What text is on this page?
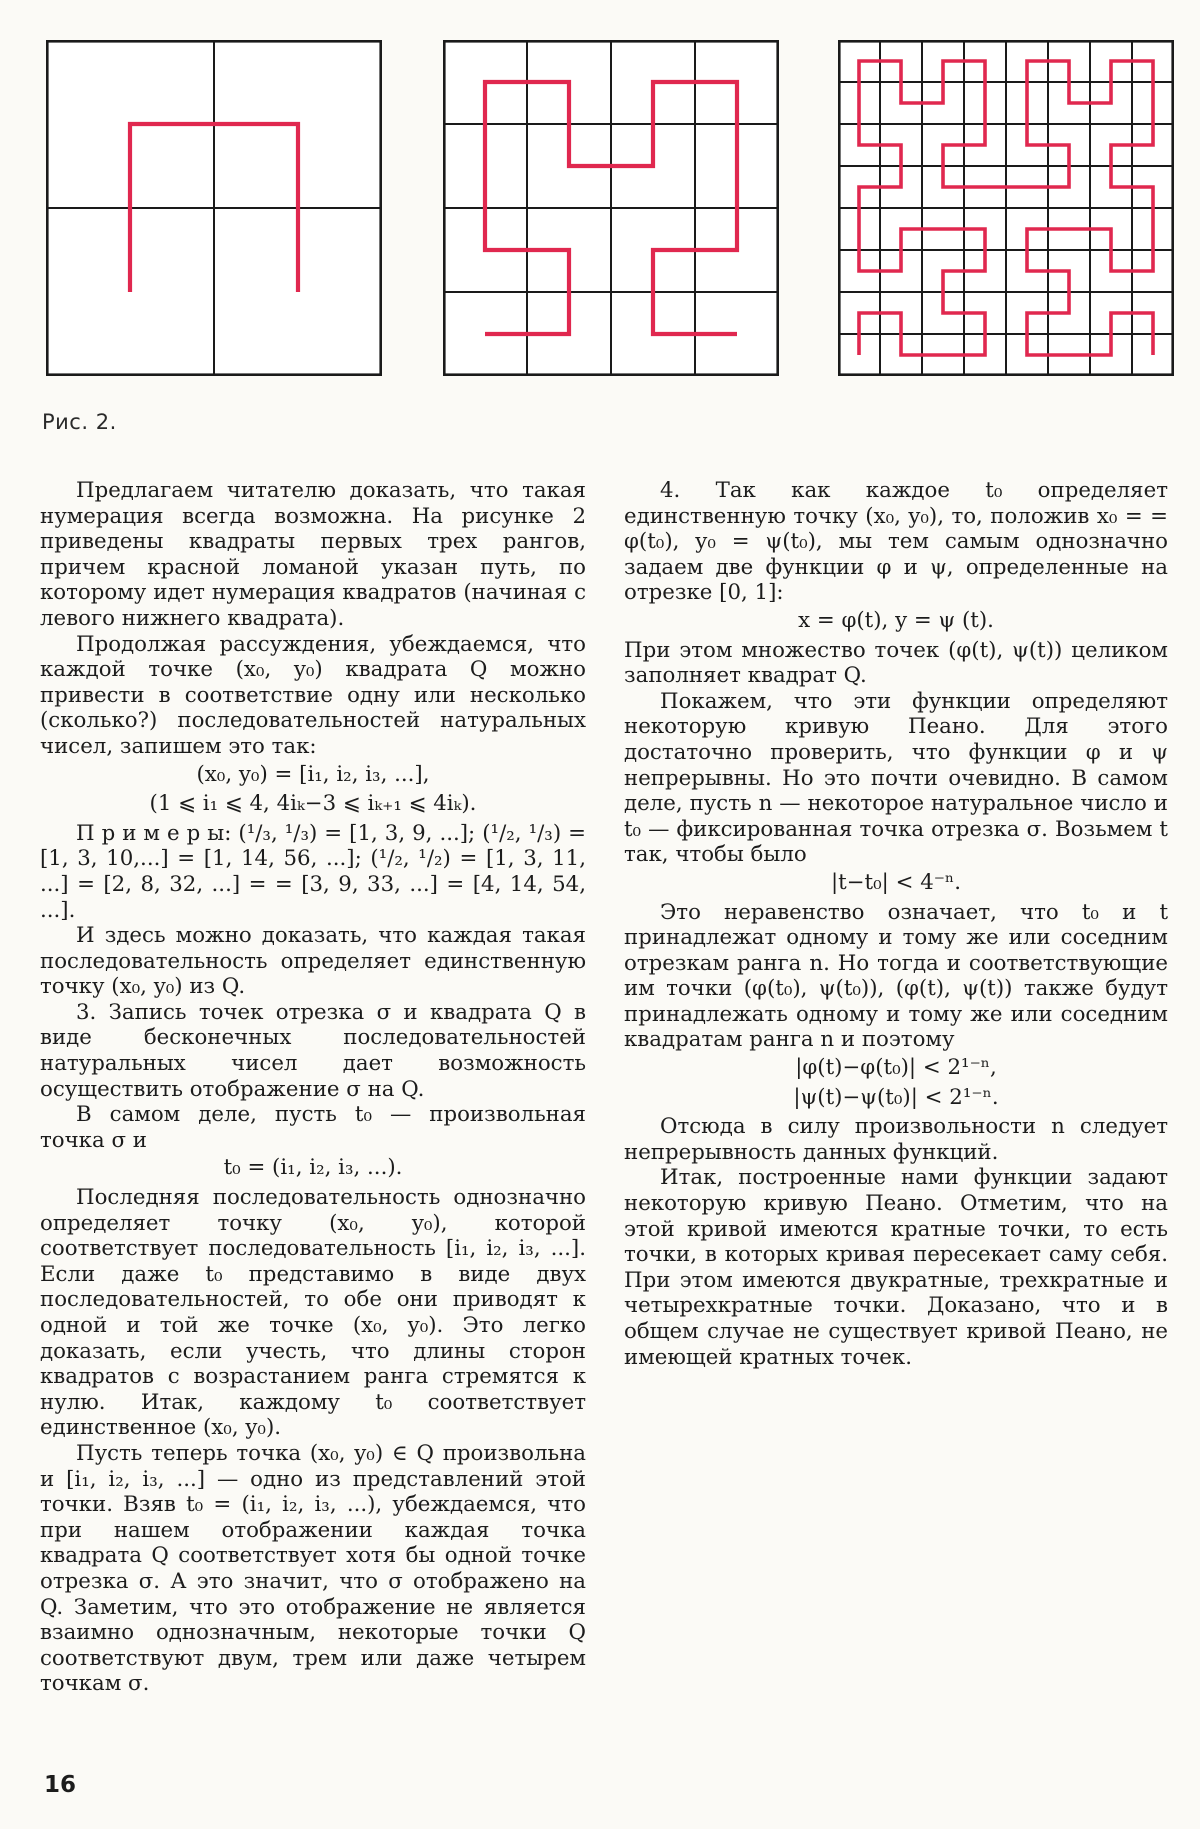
Рис. 2.

Предлагаем читателю доказать, что такая нумерация всегда возможна. На рисунке 2 приведены квадраты первых трех рангов, причем красной ломаной указан путь, по которому идет нумерация квадратов (начиная с левого нижнего квадрата).

Продолжая рассуждения, убеждаемся, что каждой точке (x₀, y₀) квадрата Q можно привести в соответствие одну или несколько (сколько?) последовательностей натуральных чисел, запишем это так:

(x₀, y₀) = [i₁, i₂, i₃, ...],

(1 ⩽ i₁ ⩽ 4, 4iₖ−3 ⩽ iₖ₊₁ ⩽ 4iₖ).

П р и м е р ы: (¹/₃, ¹/₃) = [1, 3, 9, ...]; (¹/₂, ¹/₃) = [1, 3, 10,...] = [1, 14, 56, ...]; (¹/₂, ¹/₂) = [1, 3, 11, ...] = [2, 8, 32, ...] = = [3, 9, 33, ...] = [4, 14, 54, ...].

И здесь можно доказать, что каждая такая последовательность определяет единственную точку (x₀, y₀) из Q.

3. Запись точек отрезка σ и квадрата Q в виде бесконечных последовательностей натуральных чисел дает возможность осуществить отображение σ на Q.

В самом деле, пусть t₀ — произвольная точка σ и

t₀ = (i₁, i₂, i₃, ...).

Последняя последовательность однозначно определяет точку (x₀, y₀), которой соответствует последовательность [i₁, i₂, i₃, ...]. Если даже t₀ представимо в виде двух последовательностей, то обе они приводят к одной и той же точке (x₀, y₀). Это легко доказать, если учесть, что длины сторон квадратов с возрастанием ранга стремятся к нулю. Итак, каждому t₀ соответствует единственное (x₀, y₀).

Пусть теперь точка (x₀, y₀) ∈ Q произвольна и [i₁, i₂, i₃, ...] — одно из представлений этой точки. Взяв t₀ = (i₁, i₂, i₃, ...), убеждаемся, что при нашем отображении каждая точка квадрата Q соответствует хотя бы одной точке отрезка σ. А это значит, что σ отображено на Q. Заметим, что это отображение не является взаимно однозначным, некоторые точки Q соответствуют двум, трем или даже четырем точкам σ.

4. Так как каждое t₀ определяет единственную точку (x₀, y₀), то, положив x₀ = = φ(t₀), y₀ = ψ(t₀), мы тем самым однозначно задаем две функции φ и ψ, определенные на отрезке [0, 1]:

x = φ(t), y = ψ (t).

При этом множество точек (φ(t), ψ(t)) целиком заполняет квадрат Q.

Покажем, что эти функции определяют некоторую кривую Пеано. Для этого достаточно проверить, что функции φ и ψ непрерывны. Но это почти очевидно. В самом деле, пусть n — некоторое натуральное число и t₀ — фиксированная точка отрезка σ. Возьмем t так, чтобы было

|t−t₀| < 4⁻ⁿ.

Это неравенство означает, что t₀ и t принадлежат одному и тому же или соседним отрезкам ранга n. Но тогда и соответствующие им точки (φ(t₀), ψ(t₀)), (φ(t), ψ(t)) также будут принадлежать одному и тому же или соседним квадратам ранга n и поэтому

|φ(t)−φ(t₀)| < 2¹⁻ⁿ,

|ψ(t)−ψ(t₀)| < 2¹⁻ⁿ.

Отсюда в силу произвольности n следует непрерывность данных функций.

Итак, построенные нами функции задают некоторую кривую Пеано. Отметим, что на этой кривой имеются кратные точки, то есть точки, в которых кривая пересекает саму себя. При этом имеются двукратные, трехкратные и четырехкратные точки. Доказано, что и в общем случае не существует кривой Пеано, не имеющей кратных точек.

16
